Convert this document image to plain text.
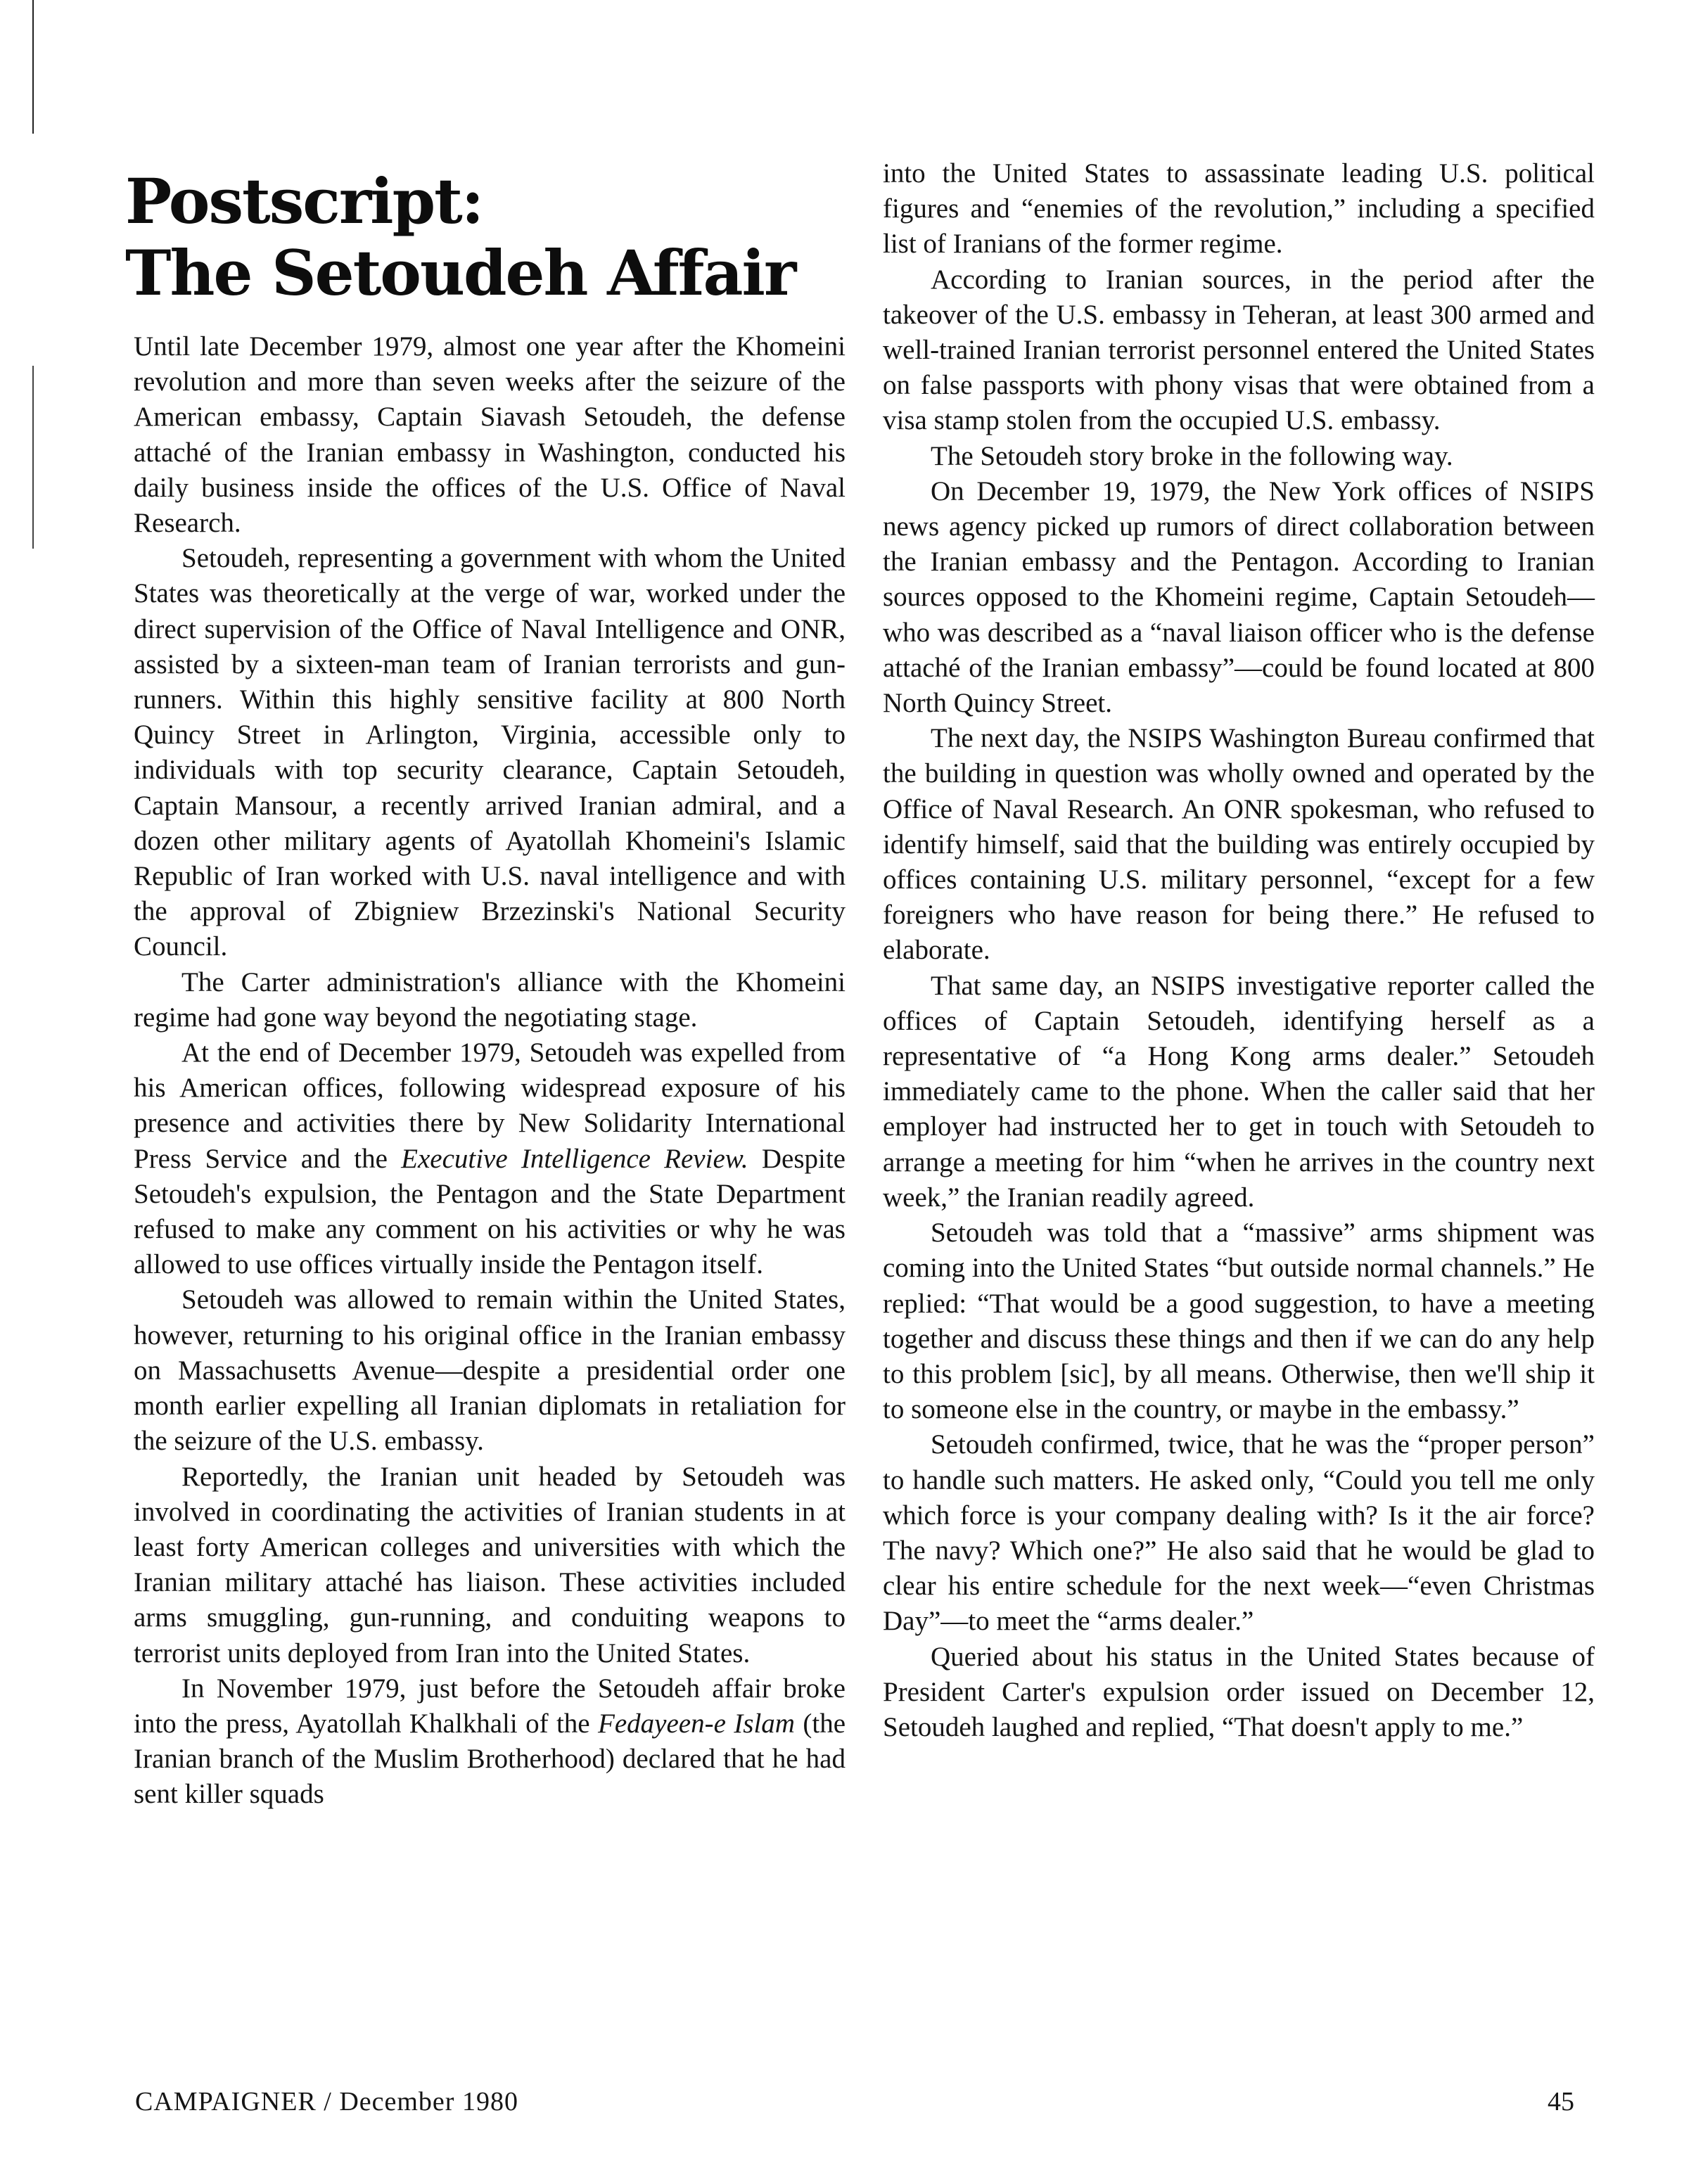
Postscript:
The Setoudeh Affair

Until late December 1979, almost one year after the Khomeini revolution and more than seven weeks after the seizure of the American embassy, Captain Siavash Setoudeh, the defense attaché of the Iranian embassy in Washington, conducted his daily business inside the offices of the U.S. Office of Naval Research.

Setoudeh, representing a government with whom the United States was theoretically at the verge of war, worked under the direct supervision of the Office of Naval Intelligence and ONR, assisted by a sixteen-man team of Iranian terrorists and gun-runners. Within this highly sensitive facility at 800 North Quincy Street in Arlington, Virginia, accessible only to individuals with top security clearance, Captain Setoudeh, Captain Mansour, a recently arrived Iranian admiral, and a dozen other military agents of Ayatollah Khomeini's Islamic Republic of Iran worked with U.S. naval intelligence and with the approval of Zbigniew Brzezinski's National Security Council.

The Carter administration's alliance with the Khomeini regime had gone way beyond the negotiating stage.

At the end of December 1979, Setoudeh was expelled from his American offices, following widespread exposure of his presence and activities there by New Solidarity International Press Service and the Executive Intelligence Review. Despite Setoudeh's expulsion, the Pentagon and the State Department refused to make any comment on his activities or why he was allowed to use offices virtually inside the Pentagon itself.

Setoudeh was allowed to remain within the United States, however, returning to his original office in the Iranian embassy on Massachusetts Avenue—despite a presidential order one month earlier expelling all Iranian diplomats in retaliation for the seizure of the U.S. embassy.

Reportedly, the Iranian unit headed by Setoudeh was involved in coordinating the activities of Iranian students in at least forty American colleges and universities with which the Iranian military attaché has liaison. These activities included arms smuggling, gun-running, and conduiting weapons to terrorist units deployed from Iran into the United States.

In November 1979, just before the Setoudeh affair broke into the press, Ayatollah Khalkhali of the Fedayeen-e Islam (the Iranian branch of the Muslim Brotherhood) declared that he had sent killer squads

into the United States to assassinate leading U.S. political figures and “enemies of the revolution,” including a specified list of Iranians of the former regime.

According to Iranian sources, in the period after the takeover of the U.S. embassy in Teheran, at least 300 armed and well-trained Iranian terrorist personnel entered the United States on false passports with phony visas that were obtained from a visa stamp stolen from the occupied U.S. embassy.

The Setoudeh story broke in the following way.

On December 19, 1979, the New York offices of NSIPS news agency picked up rumors of direct collaboration between the Iranian embassy and the Pentagon. According to Iranian sources opposed to the Khomeini regime, Captain Setoudeh—who was described as a “naval liaison officer who is the defense attaché of the Iranian embassy”—could be found located at 800 North Quincy Street.

The next day, the NSIPS Washington Bureau confirmed that the building in question was wholly owned and operated by the Office of Naval Research. An ONR spokesman, who refused to identify himself, said that the building was entirely occupied by offices containing U.S. military personnel, “except for a few foreigners who have reason for being there.” He refused to elaborate.

That same day, an NSIPS investigative reporter called the offices of Captain Setoudeh, identifying herself as a representative of “a Hong Kong arms dealer.” Setoudeh immediately came to the phone. When the caller said that her employer had instructed her to get in touch with Setoudeh to arrange a meeting for him “when he arrives in the country next week,” the Iranian readily agreed.

Setoudeh was told that a “massive” arms shipment was coming into the United States “but outside normal channels.” He replied: “That would be a good suggestion, to have a meeting together and discuss these things and then if we can do any help to this problem [sic], by all means. Otherwise, then we'll ship it to someone else in the country, or maybe in the embassy.”

Setoudeh confirmed, twice, that he was the “proper person” to handle such matters. He asked only, “Could you tell me only which force is your company dealing with? Is it the air force? The navy? Which one?” He also said that he would be glad to clear his entire schedule for the next week—“even Christmas Day”—to meet the “arms dealer.”

Queried about his status in the United States because of President Carter's expulsion order issued on December 12, Setoudeh laughed and replied, “That doesn't apply to me.”

CAMPAIGNER / December 1980	45
